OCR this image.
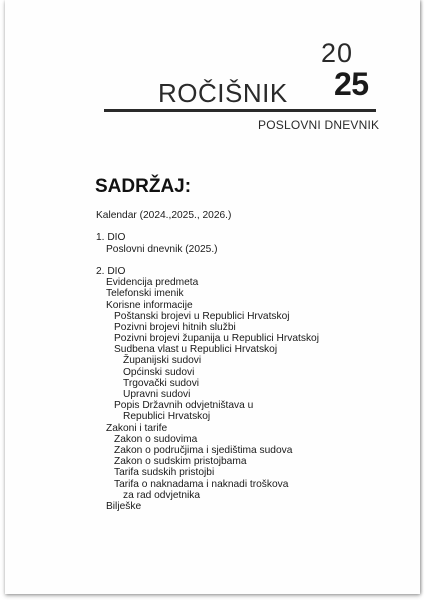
ROČIŠNIK
20
25
POSLOVNI DNEVNIK
SADRŽAJ:
Kalendar (2024.,2025., 2026.)
1. DIO
Poslovni dnevnik (2025.)
2. DIO
Evidencija predmeta
Telefonski imenik
Korisne informacije
Poštanski brojevi u Republici Hrvatskoj
Pozivni brojevi hitnih službi
Pozivni brojevi županija u Republici Hrvatskoj
Sudbena vlast u Republici Hrvatskoj
Županijski sudovi
Općinski sudovi
Trgovački sudovi
Upravni sudovi
Popis Državnih odvjetništava u
Republici Hrvatskoj
Zakoni i tarife
Zakon o sudovima
Zakon o područjima i sjedištima sudova
Zakon o sudskim pristojbama
Tarifa sudskih pristojbi
Tarifa o naknadama i naknadi troškova
za rad odvjetnika
Bilješke
